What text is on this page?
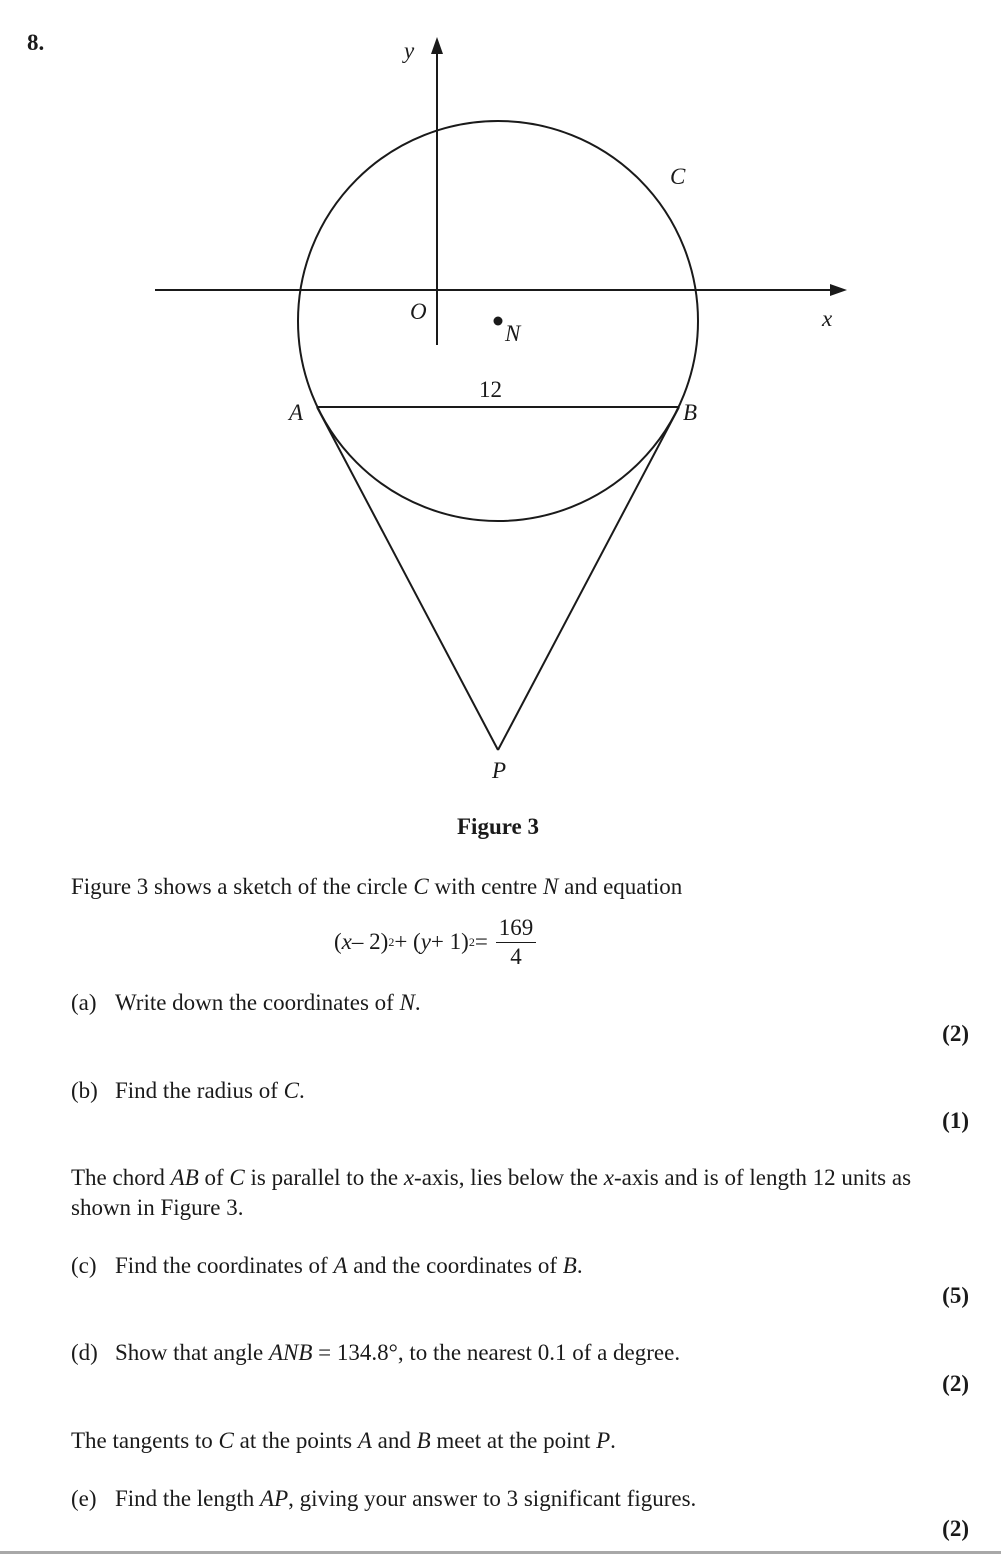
8.	y
x
O
C
N
12
A	B
P
Figure 3
Figure 3 shows a sketch of the circle C with centre N and equation
( x – 2) 2 + ( y + 1) $2 = \frac{169}{4}$
(a) Write down the coordinates of N.
(2)
(b) Find the radius of C.
(1)
The chord AB of C is parallel to the x-axis, lies below the x-axis and is of length 12 units as shown in Figure 3.
(c) Find the coordinates of A and the coordinates of B.
(5)
(d) Show that angle ANB = 134.8°, to the nearest 0.1 of a degree.
(2)
The tangents to C at the points A and B meet at the point P.
(e) Find the length AP, giving your answer to 3 significant figures.
(2)
